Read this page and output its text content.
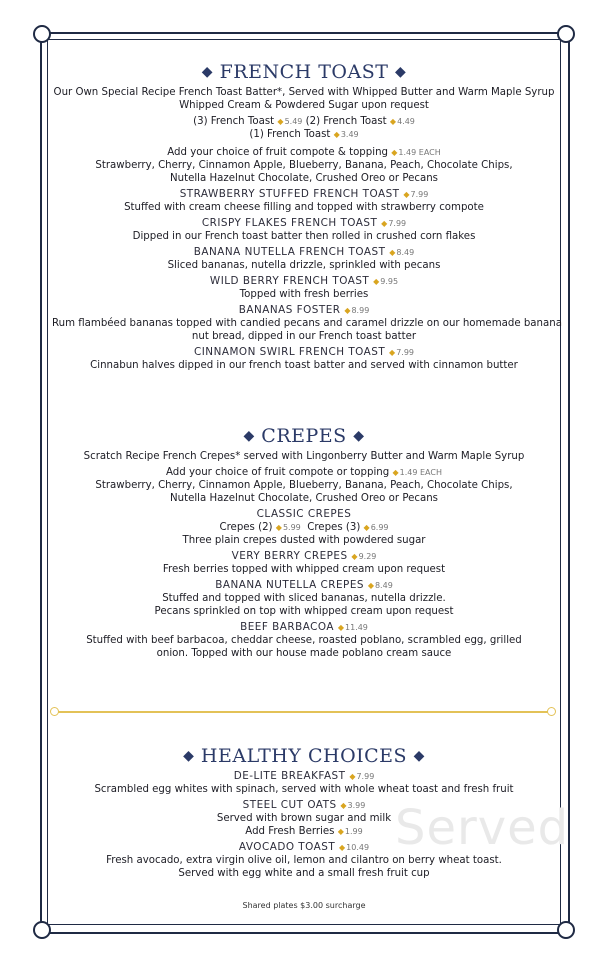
Served
◆ FRENCH TOAST ◆
Our Own Special Recipe French Toast Batter*, Served with Whipped Butter and Warm Maple Syrup
Whipped Cream & Powdered Sugar upon request
(3) French Toast ◆5.49 (2) French Toast ◆4.49
(1) French Toast ◆3.49
Add your choice of fruit compote & topping ◆1.49 EACH
Strawberry, Cherry, Cinnamon Apple, Blueberry, Banana, Peach, Chocolate Chips,
Nutella Hazelnut Chocolate, Crushed Oreo or Pecans
STRAWBERRY STUFFED FRENCH TOAST ◆7.99
Stuffed with cream cheese filling and topped with strawberry compote
CRISPY FLAKES FRENCH TOAST ◆7.99
Dipped in our French toast batter then rolled in crushed corn flakes
BANANA NUTELLA FRENCH TOAST ◆8.49
Sliced bananas, nutella drizzle, sprinkled with pecans
WILD BERRY FRENCH TOAST ◆9.95
Topped with fresh berries
BANANAS FOSTER ◆8.99
Rum flambéed bananas topped with candied pecans and caramel drizzle on our homemade banana
nut bread, dipped in our French toast batter
CINNAMON SWIRL FRENCH TOAST ◆7.99
Cinnabun halves dipped in our french toast batter and served with cinnamon butter
◆ CREPES ◆
Scratch Recipe French Crepes* served with Lingonberry Butter and Warm Maple Syrup
Add your choice of fruit compote or topping ◆1.49 EACH
Strawberry, Cherry, Cinnamon Apple, Blueberry, Banana, Peach, Chocolate Chips,
Nutella Hazelnut Chocolate, Crushed Oreo or Pecans
CLASSIC CREPES
Crepes (2) ◆5.99 Crepes (3) ◆6.99
Three plain crepes dusted with powdered sugar
VERY BERRY CREPES ◆9.29
Fresh berries topped with whipped cream upon request
BANANA NUTELLA CREPES ◆8.49
Stuffed and topped with sliced bananas, nutella drizzle.
Pecans sprinkled on top with whipped cream upon request
BEEF BARBACOA ◆11.49
Stuffed with beef barbacoa, cheddar cheese, roasted poblano, scrambled egg, grilled
onion. Topped with our house made poblano cream sauce
◆ HEALTHY CHOICES ◆
DE-LITE BREAKFAST ◆7.99
Scrambled egg whites with spinach, served with whole wheat toast and fresh fruit
STEEL CUT OATS ◆3.99
Served with brown sugar and milk
Add Fresh Berries ◆1.99
AVOCADO TOAST ◆10.49
Fresh avocado, extra virgin olive oil, lemon and cilantro on berry wheat toast.
Served with egg white and a small fresh fruit cup
Shared plates $3.00 surcharge
